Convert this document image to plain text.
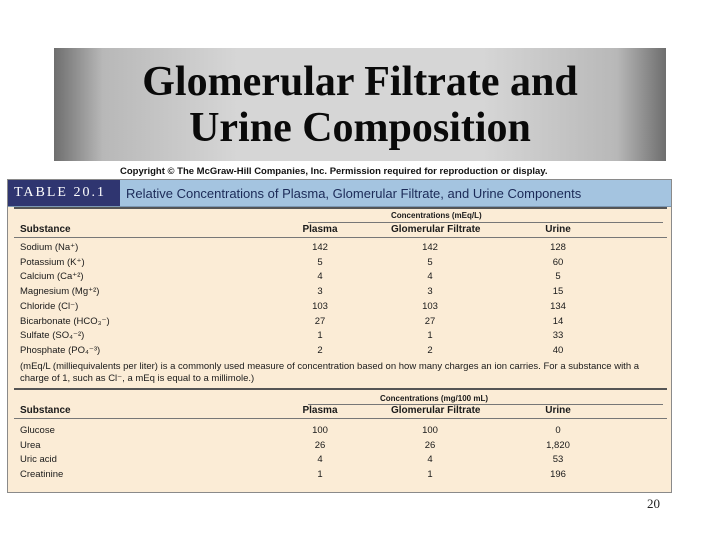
Glomerular Filtrate and
Urine Composition
Copyright © The McGraw-Hill Companies, Inc. Permission required for reproduction or display.
TABLE 20.1	Relative Concentrations of Plasma, Glomerular Filtrate, and Urine Components
Concentrations (mEq/L)
Substance	Plasma	Glomerular Filtrate	Urine
Sodium (Na⁺)	142	142	128
Potassium (K⁺)	5	5	60
Calcium (Ca⁺²)	4	4	5
Magnesium (Mg⁺²)	3	3	15
Chloride (Cl⁻)	103	103	134
Bicarbonate (HCO₃⁻)	27	27	14
Sulfate (SO₄⁻²)	1	1	33
Phosphate (PO₄⁻³)	2	2	40
(mEq/L (milliequivalents per liter) is a commonly used measure of concentration based on how many charges an ion carries. For a substance with a charge of 1, such as Cl⁻, a mEq is equal to a millimole.)
Concentrations (mg/100 mL)
Substance	Plasma	Glomerular Filtrate	Urine
Glucose	100	100	0
Urea	26	26	1,820
Uric acid	4	4	53
Creatinine	1	1	196
20
